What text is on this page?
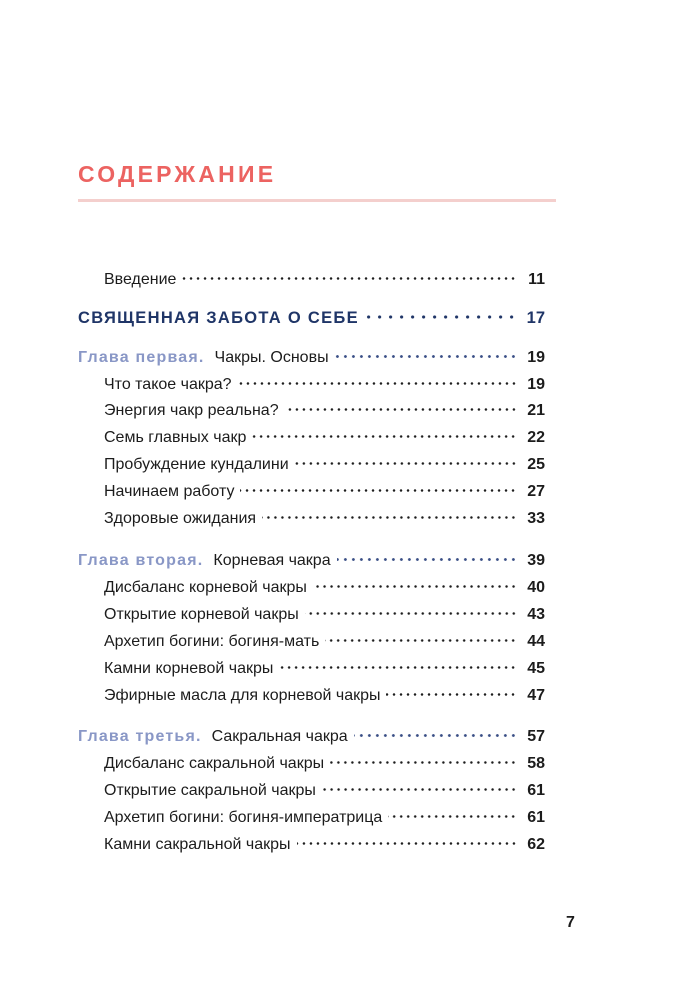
СОДЕРЖАНИЕ
Введение	11
СВЯЩЕННАЯ ЗАБОТА О СЕБЕ	17
Глава первая. Чакры. Основы	19
Что такое чакра?	19
Энергия чакр реальна?	21
Семь главных чакр	22
Пробуждение кундалини	25
Начинаем работу	27
Здоровые ожидания	33
Глава вторая. Корневая чакра	39
Дисбаланс корневой чакры	40
Открытие корневой чакры	43
Архетип богини: богиня-мать	44
Камни корневой чакры	45
Эфирные масла для корневой чакры	47
Глава третья. Сакральная чакра	57
Дисбаланс сакральной чакры	58
Открытие сакральной чакры	61
Архетип богини: богиня-императрица	61
Камни сакральной чакры	62
7
